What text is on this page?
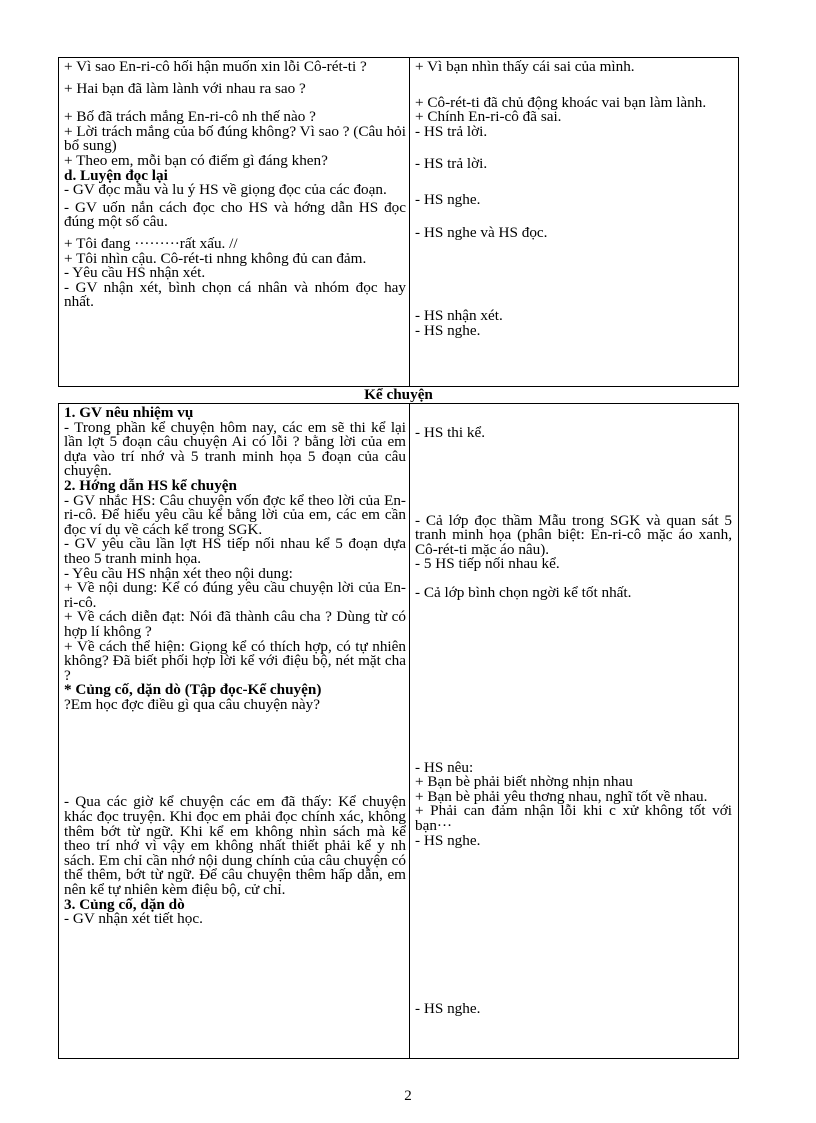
+ Vì sao En-ri-cô hối hận muốn xin lỗi Cô-rét-ti ?
+ Hai bạn đã làm lành với nhau ra sao ?
+ Bố đã trách mắng En-ri-cô nh thế nào ?
+ Lời trách mắng của bố đúng không? Vì sao ? (Câu hỏi bổ sung)
+ Theo em, mỗi bạn có điểm gì đáng khen?
d. Luyện đọc lại
- GV đọc mẫu và lu ý HS về giọng đọc của các đoạn.
- GV uốn nắn cách đọc cho HS và hớng dẫn HS đọc đúng một số câu.
+ Tôi đang ·········rất xấu. //
+ Tôi nhìn cậu. Cô-rét-ti nhng không đủ can đảm.
- Yêu cầu HS nhận xét.
- GV nhận xét, bình chọn cá nhân và nhóm đọc hay nhất.
+ Vì bạn nhìn thấy cái sai của mình.
+ Cô-rét-ti đã chủ động khoác vai bạn làm lành.
+ Chính En-ri-cô đã sai.
- HS trả lời.
- HS trả lời.
- HS nghe.
- HS nghe và HS đọc.
- HS nhận xét.
- HS nghe.
Kể chuyện
1. GV nêu nhiệm vụ
- Trong phần kể chuyện hôm nay, các em sẽ thi kể lại lần lợt 5 đoạn câu chuyện Ai có lỗi ? bằng lời của em dựa vào trí nhớ và 5 tranh minh họa 5 đoạn của câu chuyện.
2. Hớng dẫn HS kể chuyện
- GV nhắc HS: Câu chuyện vốn đợc kể theo lời của En-ri-cô. Để hiểu yêu cầu kể bằng lời của em, các em cần đọc ví dụ về cách kể trong SGK.
- GV yêu cầu lần lợt HS tiếp nối nhau kể 5 đoạn dựa theo 5 tranh minh họa.
- Yêu cầu HS nhận xét theo nội dung:
+ Về nội dung: Kể có đúng yêu cầu chuyện lời của En-ri-cô.
+ Về cách diễn đạt: Nói đã thành câu cha ? Dùng từ có hợp lí không ?
+ Về cách thể hiện: Giọng kể có thích hợp, có tự nhiên không? Đã biết phối hợp lời kể với điệu bộ, nét mặt cha ?
* Củng cố, dặn dò (Tập đọc-Kể chuyện)
?Em học đợc điều gì qua câu chuyện này?
- Qua các giờ kể chuyện các em đã thấy: Kể chuyện khác đọc truyện. Khi đọc em phải đọc chính xác, không thêm bớt từ ngữ. Khi kể em không nhìn sách mà kể theo trí nhớ vì vậy em không nhất thiết phải kể y nh sách. Em chỉ cần nhớ nội dung chính của câu chuyện có thể thêm, bớt từ ngữ. Để câu chuyện thêm hấp dẫn, em nên kể tự nhiên kèm điệu bộ, cử chỉ.
3. Củng cố, dặn dò
- GV nhận xét tiết học.
- HS thi kể.
- Cả lớp đọc thầm Mẫu trong SGK và quan sát 5 tranh minh họa (phân biệt: En-ri-cô mặc áo xanh, Cô-rét-ti mặc áo nâu).
- 5 HS tiếp nối nhau kể.
- Cả lớp bình chọn ngời kể tốt nhất.
- HS nêu:
+ Bạn bè phải biết nhờng nhịn nhau
+ Bạn bè phải yêu thơng nhau, nghĩ tốt về nhau.
+ Phải can đảm nhận lỗi khi c xử không tốt với bạn···
- HS nghe.
- HS nghe.
2
